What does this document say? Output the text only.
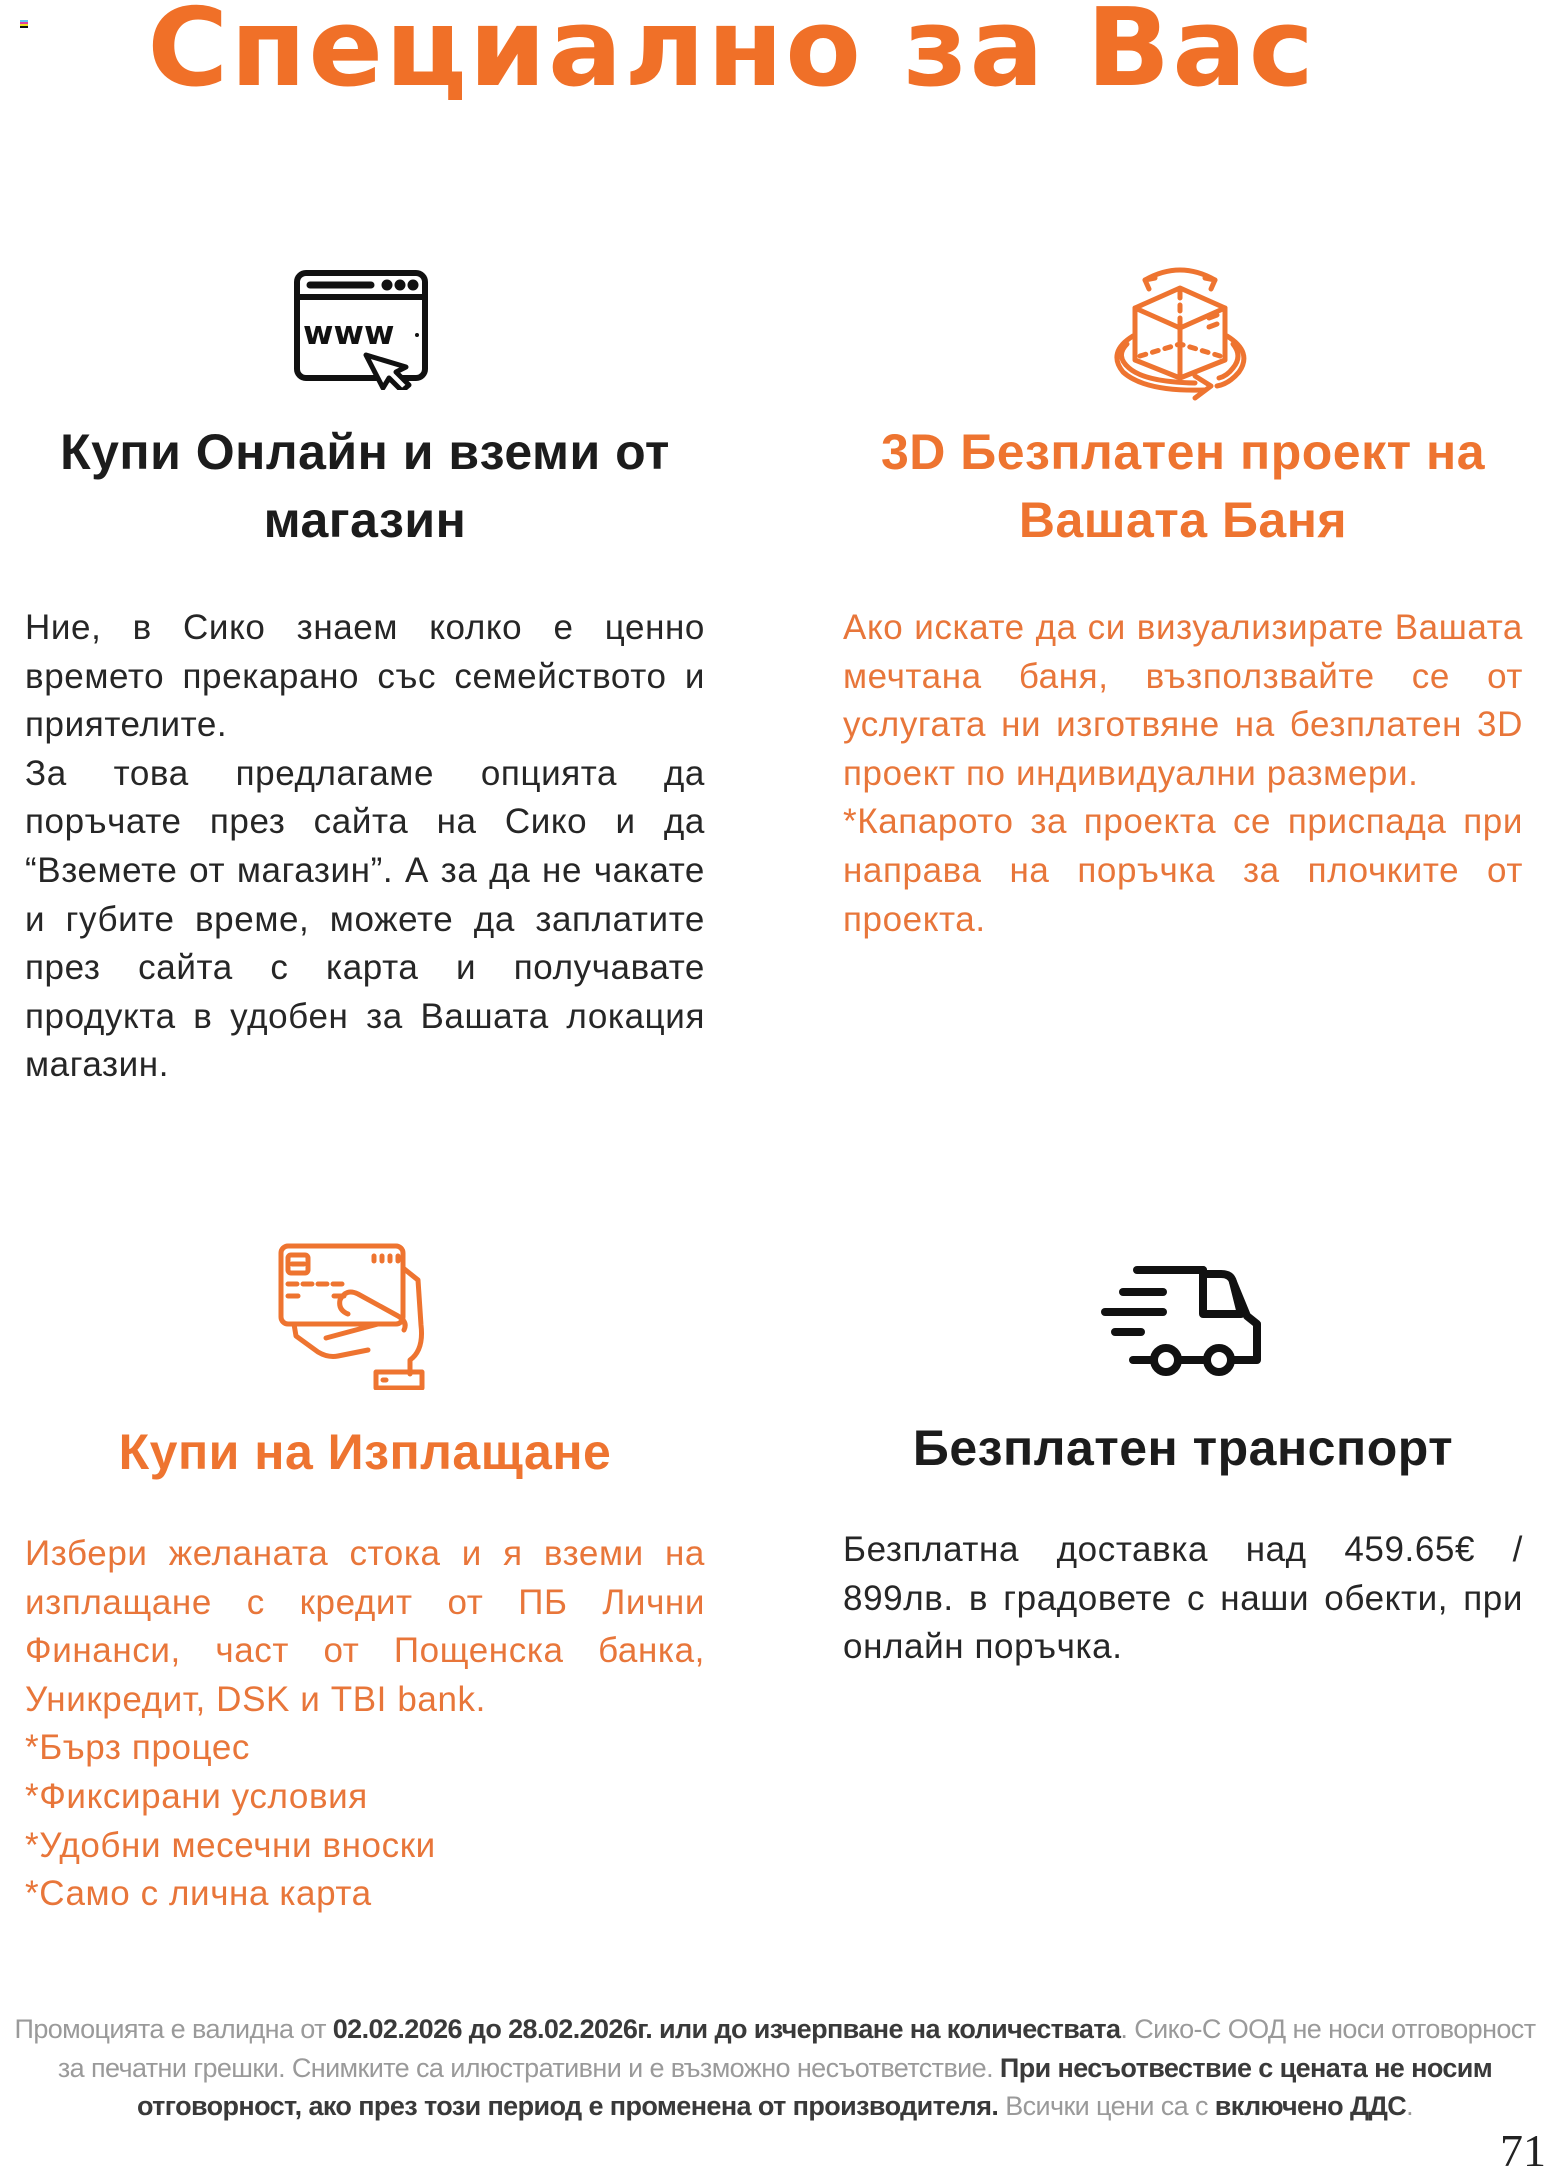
Специално за Вас
www
Купи Онлайн и вземи от
магазин

Ние, в Сико знаем колко е ценно времето прекарано със семейството и приятелите.

За това предлагаме опцията да поръчате през сайта на Сико и да “Вземете от магазин”. А за да не чакате и губите време, можете да заплатите през сайта с карта и получавате продукта в удобен за Вашата локация магазин.

3D Безплатен проект на
Вашата Баня

Ако искате да си визуализирате Вашата мечтана баня, възползвайте се от услугата ни изготвяне на безплатен 3D проект по индивидуални размери.

*Капарото за проекта се приспада при направа на поръчка за плочките от проекта.

Купи на Изплащане

Избери желаната стока и я вземи на изплащане с кредит от ПБ Лични Финанси, част от Пощенска банка, Уникредит, DSK и TBI bank.

*Бърз процес

*Фиксирани условия

*Удобни месечни вноски

*Само с лична карта

Безплатен транспорт

Безплатна доставка над 459.65€ / 899лв. в градовете с наши обекти, при онлайн поръчка.

Промоцията е валидна от 02.02.2026 до 28.02.2026г. или до изчерпване на количествата. Сико-С ООД не носи отговорност
за печатни грешки. Снимките са илюстративни и е възможно несъответствие. При несъотвествие с цената не носим
отговорност, ако през този период е променена от производителя. Всички цени са с включено ДДС.
71
